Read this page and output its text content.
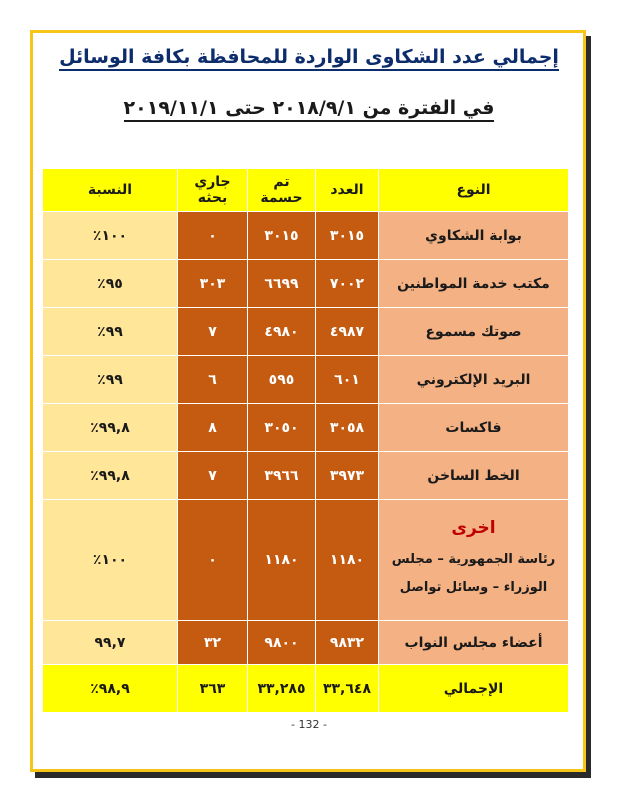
إجمالي عدد الشكاوى الواردة للمحافظة بكافة الوسائل
في الفترة من ٢٠١٨/٩/١ حتى ٢٠١٩/١١/١
النوع	العدد	تم حسمة	جاري بحثه	النسبة
بوابة الشكاوي	٣٠١٥	٣٠١٥	٠	١٠٠٪
مكتب خدمة المواطنين	٧٠٠٢	٦٦٩٩	٣٠٣	٩٥٪
صوتك مسموع	٤٩٨٧	٤٩٨٠	٧	٩٩٪
البريد الإلكتروني	٦٠١	٥٩٥	٦	٩٩٪
فاكسات	٣٠٥٨	٣٠٥٠	٨	٩٩,٨٪
الخط الساخن	٣٩٧٣	٣٩٦٦	٧	٩٩,٨٪

اخرى
رئاسة الجمهورية – مجلس الوزراء – وسائل تواصل	١١٨٠	١١٨٠	٠	١٠٠٪
أعضاء مجلس النواب	٩٨٣٢	٩٨٠٠	٣٢	٩٩,٧
الإجمالي	٣٣,٦٤٨	٣٣,٢٨٥	٣٦٣	٩٨,٩٪
- 132 -
